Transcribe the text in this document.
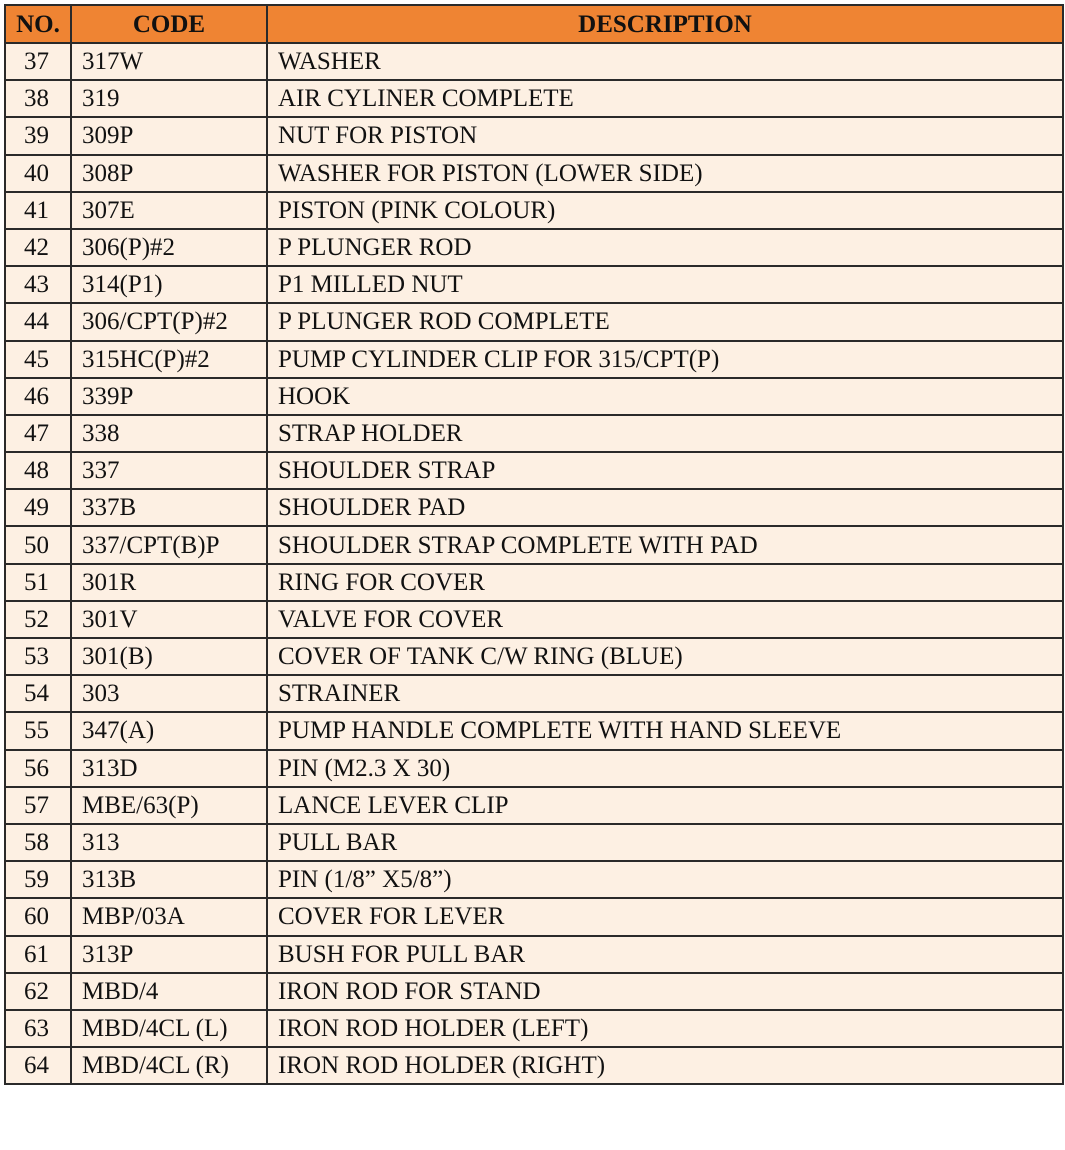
NO.	CODE	DESCRIPTION
37	317W	WASHER
38	319	AIR CYLINER COMPLETE
39	309P	NUT FOR PISTON
40	308P	WASHER FOR PISTON (LOWER SIDE)
41	307E	PISTON (PINK COLOUR)
42	306(P)#2	P PLUNGER ROD
43	314(P1)	P1 MILLED NUT
44	306/CPT(P)#2	P PLUNGER ROD COMPLETE
45	315HC(P)#2	PUMP CYLINDER CLIP FOR 315/CPT(P)
46	339P	HOOK
47	338	STRAP HOLDER
48	337	SHOULDER STRAP
49	337B	SHOULDER PAD
50	337/CPT(B)P	SHOULDER STRAP COMPLETE WITH PAD
51	301R	RING FOR COVER
52	301V	VALVE FOR COVER
53	301(B)	COVER OF TANK C/W RING (BLUE)
54	303	STRAINER
55	347(A)	PUMP HANDLE COMPLETE WITH HAND SLEEVE
56	313D	PIN (M2.3 X 30)
57	MBE/63(P)	LANCE LEVER CLIP
58	313	PULL BAR
59	313B	PIN (1/8” X5/8”)
60	MBP/03A	COVER FOR LEVER
61	313P	BUSH FOR PULL BAR
62	MBD/4	IRON ROD FOR STAND
63	MBD/4CL (L)	IRON ROD HOLDER (LEFT)
64	MBD/4CL (R)	IRON ROD HOLDER (RIGHT)
